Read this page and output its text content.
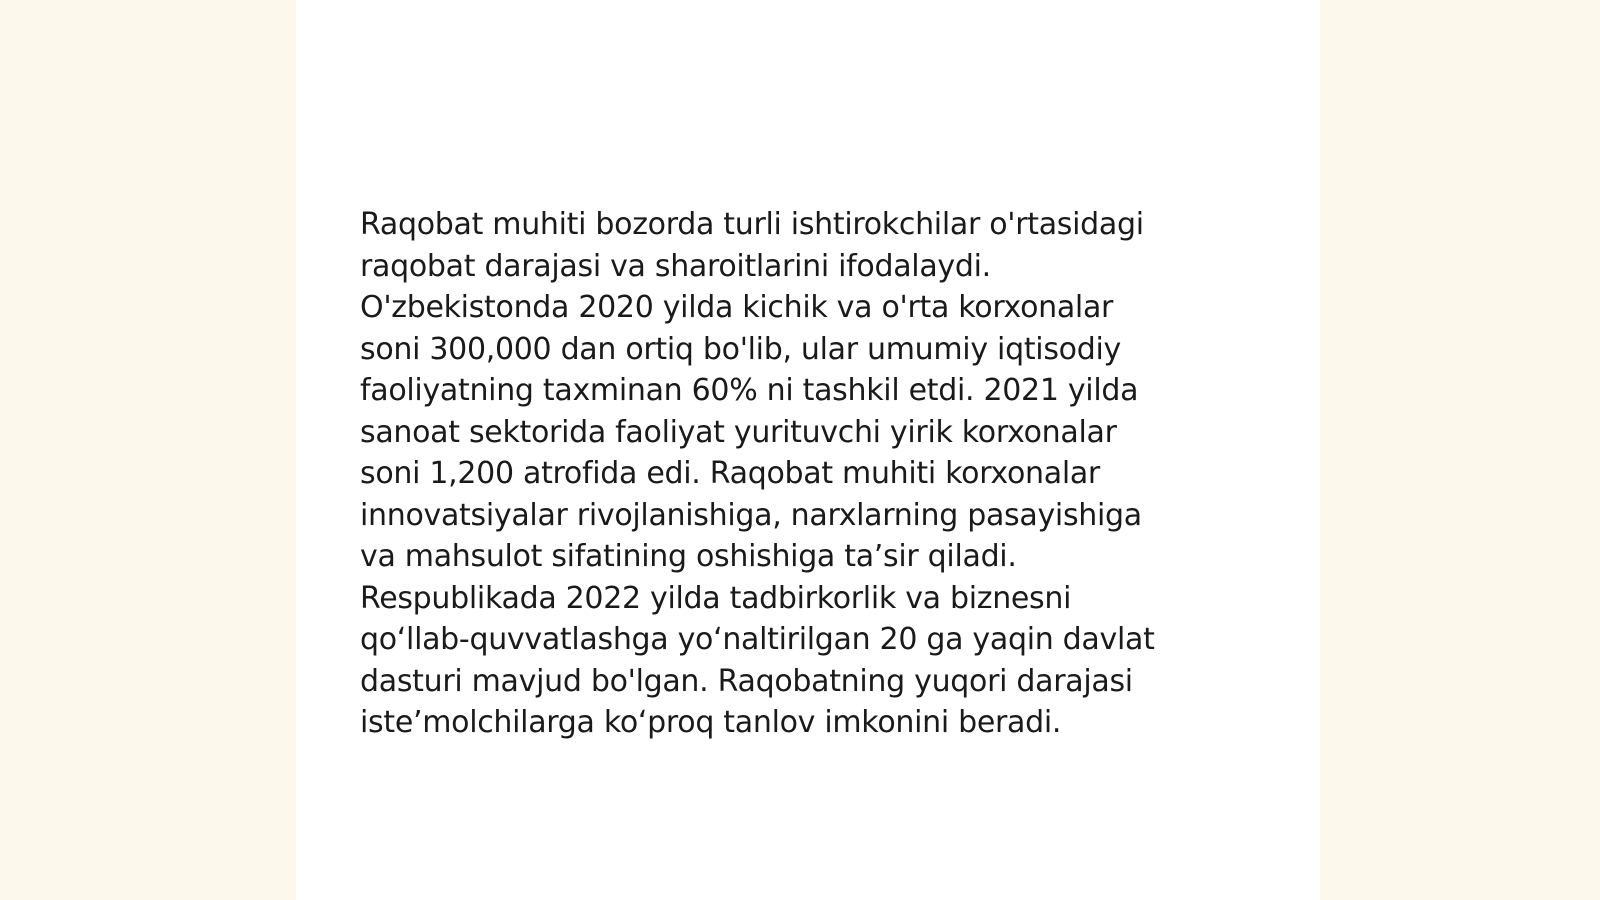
Raqobat muhiti bozorda turli ishtirokchilar o'rtasidagi
raqobat darajasi va sharoitlarini ifodalaydi.
O'zbekistonda 2020 yilda kichik va o'rta korxonalar
soni 300,000 dan ortiq bo'lib, ular umumiy iqtisodiy
faoliyatning taxminan 60% ni tashkil etdi. 2021 yilda
sanoat sektorida faoliyat yurituvchi yirik korxonalar
soni 1,200 atrofida edi. Raqobat muhiti korxonalar
innovatsiyalar rivojlanishiga, narxlarning pasayishiga
va mahsulot sifatining oshishiga ta’sir qiladi.
Respublikada 2022 yilda tadbirkorlik va biznesni
qo‘llab-quvvatlashga yo‘naltirilgan 20 ga yaqin davlat
dasturi mavjud bo'lgan. Raqobatning yuqori darajasi
iste’molchilarga ko‘proq tanlov imkonini beradi.
